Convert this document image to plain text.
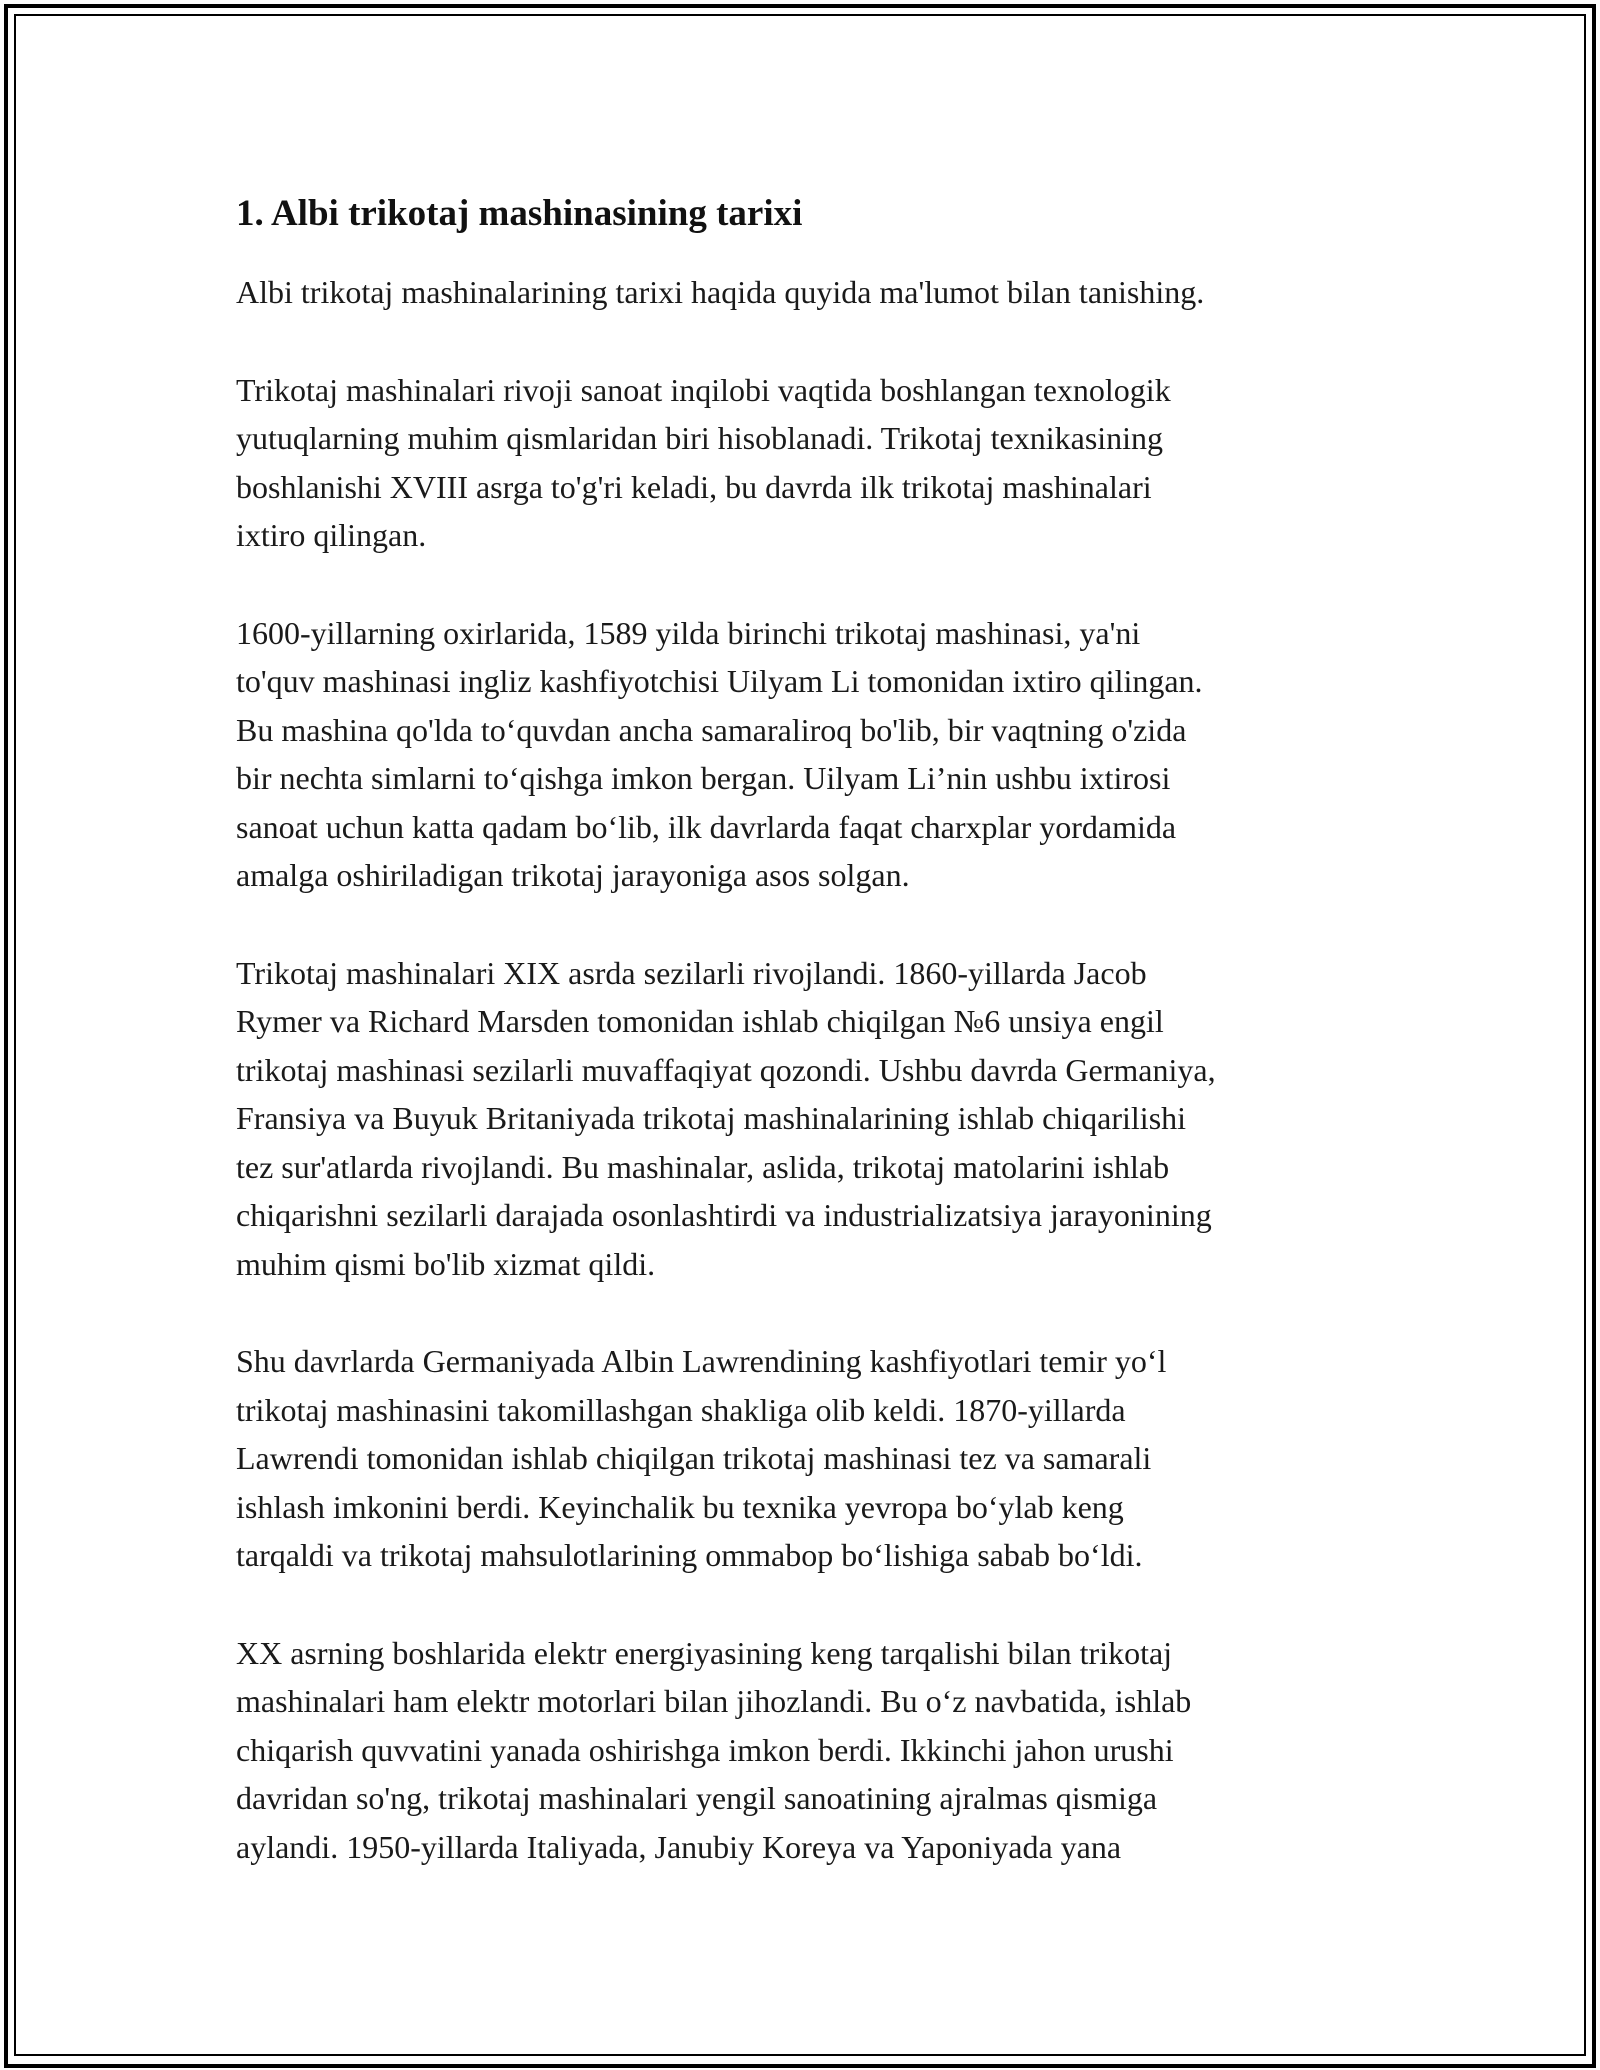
1. Albi trikotaj mashinasining tarixi

Albi trikotaj mashinalarining tarixi haqida quyida ma'lumot bilan tanishing.

Trikotaj mashinalari rivoji sanoat inqilobi vaqtida boshlangan texnologik
yutuqlarning muhim qismlaridan biri hisoblanadi. Trikotaj texnikasining
boshlanishi XVIII asrga to'g'ri keladi, bu davrda ilk trikotaj mashinalari
ixtiro qilingan.

1600-yillarning oxirlarida, 1589 yilda birinchi trikotaj mashinasi, ya'ni
to'quv mashinasi ingliz kashfiyotchisi Uilyam Li tomonidan ixtiro qilingan.
Bu mashina qo'lda toʻquvdan ancha samaraliroq bo'lib, bir vaqtning o'zida
bir nechta simlarni toʻqishga imkon bergan. Uilyam Li’nin ushbu ixtirosi
sanoat uchun katta qadam boʻlib, ilk davrlarda faqat charxplar yordamida
amalga oshiriladigan trikotaj jarayoniga asos solgan.

Trikotaj mashinalari XIX asrda sezilarli rivojlandi. 1860-yillarda Jacob
Rymer va Richard Marsden tomonidan ishlab chiqilgan №6 unsiya engil
trikotaj mashinasi sezilarli muvaffaqiyat qozondi. Ushbu davrda Germaniya,
Fransiya va Buyuk Britaniyada trikotaj mashinalarining ishlab chiqarilishi
tez sur'atlarda rivojlandi. Bu mashinalar, aslida, trikotaj matolarini ishlab
chiqarishni sezilarli darajada osonlashtirdi va industrializatsiya jarayonining
muhim qismi bo'lib xizmat qildi.

Shu davrlarda Germaniyada Albin Lawrendining kashfiyotlari temir yoʻl
trikotaj mashinasini takomillashgan shakliga olib keldi. 1870-yillarda
Lawrendi tomonidan ishlab chiqilgan trikotaj mashinasi tez va samarali
ishlash imkonini berdi. Keyinchalik bu texnika yevropa boʻylab keng
tarqaldi va trikotaj mahsulotlarining ommabop boʻlishiga sabab boʻldi.

XX asrning boshlarida elektr energiyasining keng tarqalishi bilan trikotaj
mashinalari ham elektr motorlari bilan jihozlandi. Bu oʻz navbatida, ishlab
chiqarish quvvatini yanada oshirishga imkon berdi. Ikkinchi jahon urushi
davridan so'ng, trikotaj mashinalari yengil sanoatining ajralmas qismiga
aylandi. 1950-yillarda Italiyada, Janubiy Koreya va Yaponiyada yana
